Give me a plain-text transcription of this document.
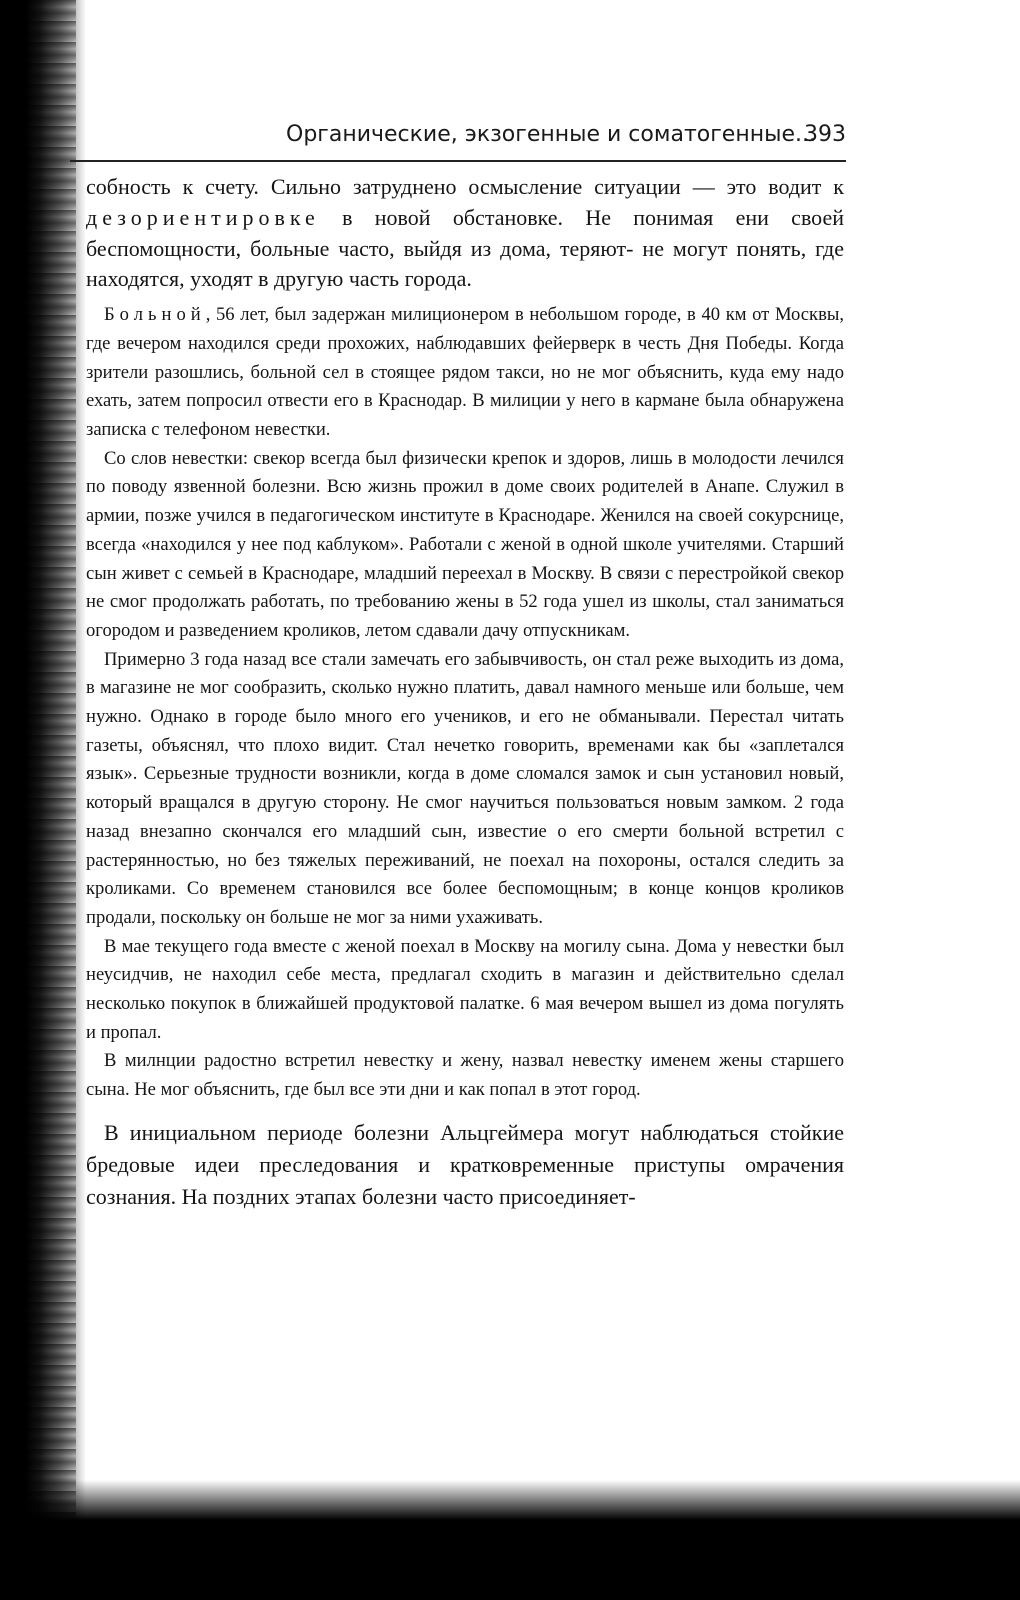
Органические, экзогенные и соматогенные...
393

собность к счету. Сильно затруднено осмысление ситуации — это водит к дезориентировке в новой обстановке. Не понимая ени своей беспомощности, больные часто, выйдя из дома, теряют- не могут понять, где находятся, уходят в другую часть города.

Больной, 56 лет, был задержан милиционером в небольшом городе, в 40 км от Москвы, где вечером находился среди прохожих, наблюдавших фейерверк в честь Дня Победы. Когда зрители разошлись, больной сел в стоящее рядом такси, но не мог объяснить, куда ему надо ехать, затем попросил отвести его в Краснодар. В милиции у него в кармане была обнаружена записка с телефоном невестки.

Со слов невестки: свекор всегда был физически крепок и здоров, лишь в молодости лечился по поводу язвенной болезни. Всю жизнь прожил в доме своих родителей в Анапе. Служил в армии, позже учился в педагогическом институте в Краснодаре. Женился на своей сокурснице, всегда «находился у нее под каблуком». Работали с женой в одной школе учителями. Старший сын живет с семьей в Краснодаре, младший переехал в Москву. В связи с перестройкой свекор не смог продолжать работать, по требованию жены в 52 года ушел из школы, стал заниматься огородом и разведением кроликов, летом сдавали дачу отпускникам.

Примерно 3 года назад все стали замечать его забывчивость, он стал реже выходить из дома, в магазине не мог сообразить, сколько нужно платить, давал намного меньше или больше, чем нужно. Однако в городе было много его учеников, и его не обманывали. Перестал читать газеты, объяснял, что плохо видит. Стал нечетко говорить, временами как бы «заплетался язык». Серьезные трудности возникли, когда в доме сломался замок и сын установил новый, который вращался в другую сторону. Не смог научиться пользоваться новым замком. 2 года назад внезапно скончался его младший сын, известие о его смерти больной встретил с растерянностью, но без тяжелых переживаний, не поехал на похороны, остался следить за кроликами. Со временем становился все более беспомощным; в конце концов кроликов продали, поскольку он больше не мог за ними ухаживать.

В мае текущего года вместе с женой поехал в Москву на могилу сына. Дома у невестки был неусидчив, не находил себе места, предлагал сходить в магазин и действительно сделал несколько покупок в ближайшей продуктовой палатке. 6 мая вечером вышел из дома погулять и пропал.

В милнции радостно встретил невестку и жену, назвал невестку именем жены старшего сына. Не мог объяснить, где был все эти дни и как попал в этот город.

В инициальном периоде болезни Альцгеймера могут наблюдаться стойкие бредовые идеи преследования и кратковременные приступы омрачения сознания. На поздних этапах болезни часто присоединяет-
